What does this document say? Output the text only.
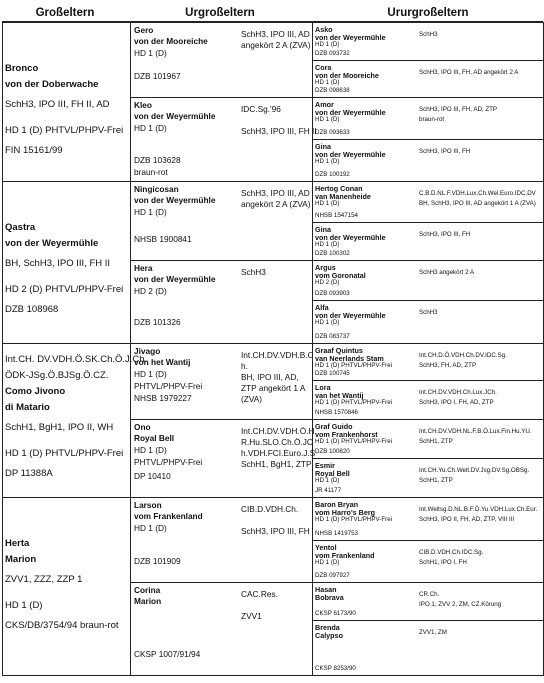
Großeltern	Urgroßeltern	Ururgroßeltern
Bronco
von der Doberwache
SchH3, IPO III, FH II, AD
HD 1 (D) PHTVL/PHPV-Frei
FIN 15161/99
Qastra
von der Weyermühle
BH, SchH3, IPO III, FH II
HD 2 (D) PHTVL/PHPV-Frei
DZB 108968
Int.CH. DV.VDH.Ö.SK.Ch.Ö.J.Ch.
ÖDK-JSg.Ö.BJSg.Ö.CZ.
Como Jivono
di Matario
SchH1, BgH1, IPO II, WH
HD 1 (D) PHTVL/PHPV-Frei
DP 11388A
Herta
Marion
ZVV1, ZZZ, ZZP 1
HD 1 (D)
CKS/DB/3754/94 braun-rot
Gero
von der Mooreiche
HD 1 (D)
DZB 101967
SchH3, IPO III, AD
angekört 2 A (ZVA)
Kleo
von der Weyermühle
HD 1 (D)
DZB 103628
braun-rot
IDC.Sg.'96
SchH3, IPO III, FH II
Ningicosan
von der Weyermühle
HD 1 (D)
NHSB 1900841
SchH3, IPO III, AD
angekört 2 A (ZVA)
Hera
von der Weyermühle
HD 2 (D)
DZB 101326
SchH3
Jivago
von het Wantij
HD 1 (D)
PHTVL/PHPV-Frei
NHSB 1979227
Int.CH.DV.VDH.B.C
h.
BH, IPO III, AD,
ZTP angekört 1 A
(ZVA)
Ono
Royal Bell
HD 1 (D)
PHTVL/PHPV-Frei
DP 10410
Int.CH.DV.VDH.Ö.H
R.Hu.SLO.Ch.Ö.JC
h.VDH.FCI.Euro.J.S
SchH1, BgH1, ZTP
Larson
vom Frankenland
HD 1 (D)
DZB 101909
CIB.D.VDH.Ch.
SchH3, IPO III, FH
Corina
Marion
CKSP 1007/91/94
CAC.Res.
ZVV1
Asko
von der Weyermühle
HD 1 (D)
DZB 093732
SchH3
Cora
von der Mooreiche
HD 1 (D)
DZB 098638
SchH3, IPO III, FH, AD angekört 2 A
Amor
von der Weyermühle
HD 1 (D)
DZB 093633
SchH3, IPO III, FH, AD, ZTP
braun-rot
Gina
von der Weyermühle
HD 1 (D)
DZB 100192
SchH3, IPO III, FH
Hertog Conan
van Manenheide
HD 1 (D)
NHSB 1547154
C.B.D.NL.F.VDH.Lux.Ch.Wel.Euro.IDC.DV
BH, SchH3, IPO III, AD angekört 1 A (ZVA)
Gina
von der Weyermühle
HD 1 (D)
DZB 100302
SchH3, IPO III, FH
Argus
vom Goronatal
HD 2 (D)
DZB 093903
SchH3 angekört 2 A
Alfa
von der Weyermühle
HD 1 (D)
DZB 083737
SchH3
Graaf Quintus
van Neerlands Stam
HD 1 (D) PHTVL/PHPV-Frei
DZB 100745
Int.CH.D.Ö.VDH.Ch.DV.IDC.Sg.
SchH3, FH, AD, ZTP
Lora
van het Wantij
HD 1 (D) PHTVL/PHPV-Frei
NHSB 1570846
Int.CH.DV.VDH.Ch.Lux.JCh.
SchH3, IPO I, FH, AD, ZTP
Graf Guido
vom Frankenhorst
HD 1 (D) PHTVL/PHPV-Frei
DZB 100820
Int.CH.DV.VDH.NL.F.B.Ö.Lux.Fin.Hu.YU.
SchH1, ZTP
Esmir
Royal Bell
HD 1 (D)
JR 41177
Int.CH.Yu.Ch.Welt.DV.Jsg.DV.Sg.OBSg.
SchH1, ZTP
Baron Bryan
vom Harro's Berg
HD 1 (D) PHTVL/PHPV-Frei
NHSB 1419753
Int.Weltsg.D.NL.B.F.Ö.Yu.VDH.Lux.Ch.Eur.
SchH3, IPO II, FH, AD, ZTP, VIII III
Yentol
vom Frankenland
HD 1 (D)
DZB 097927
CIB.D.VDH.Ch.IDC.Sg.
SchH1, IPO I, FH
Hasan
Bobrava
CKSP 6173/90
CR.Ch.
IPO 1, ZVV 2, ZM, CZ.Körung
Brenda
Calypso
CKSP 8253/90
ZVV1, ZM
